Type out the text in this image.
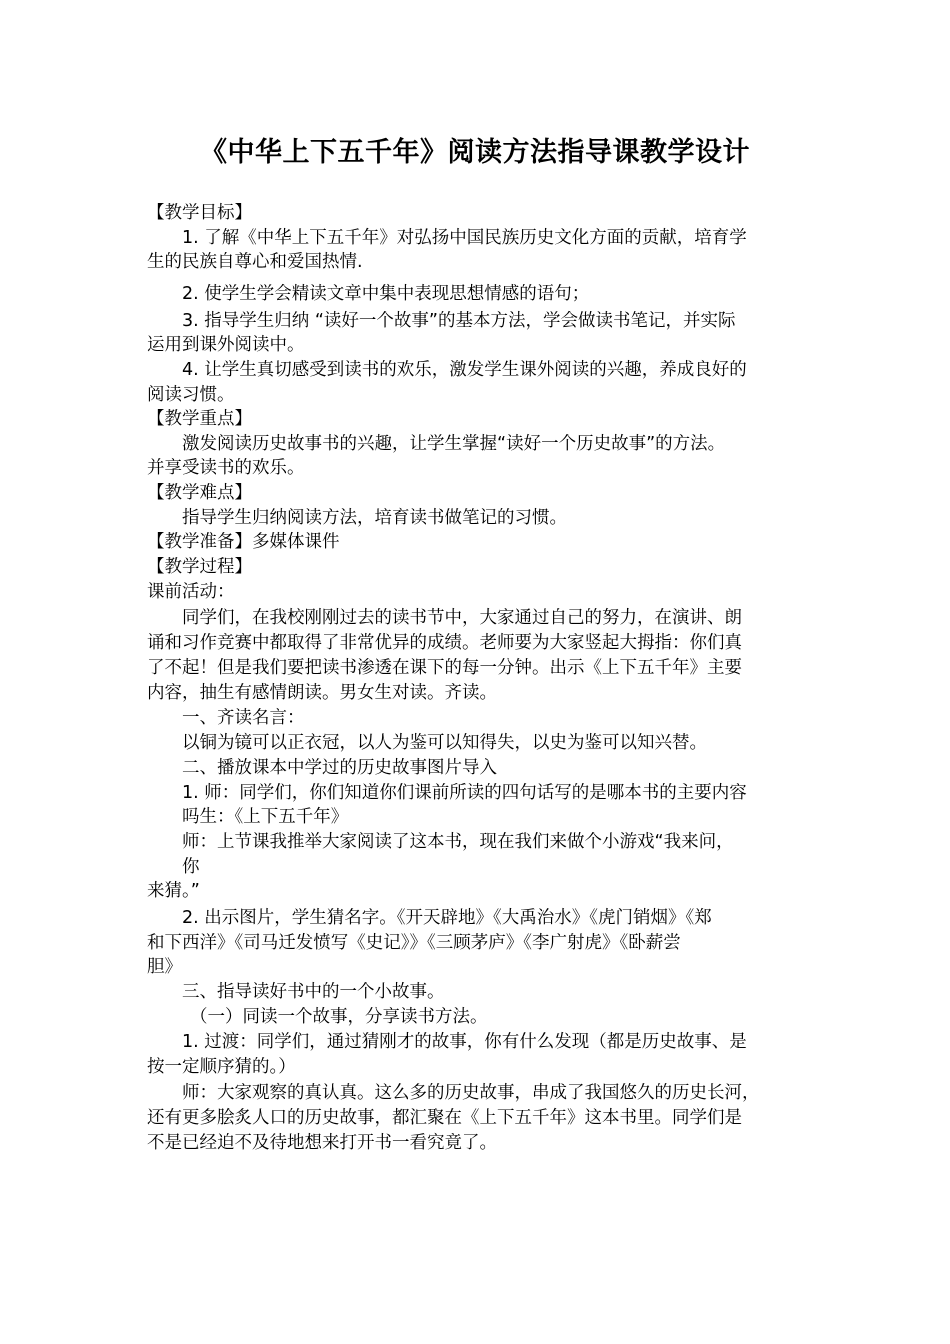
《中华上下五千年》阅读方法指导课教学设计
【教学目标】
1. 了解《中华上下五千年》对弘扬中国民族历史文化方面的贡献，培育学
生的民族自尊心和爱国热情.
2. 使学生学会精读文章中集中表现思想情感的语句；
3. 指导学生归纳 “读好一个故事”的基本方法，学会做读书笔记，并实际
运用到课外阅读中。
4. 让学生真切感受到读书的欢乐，激发学生课外阅读的兴趣，养成良好的
阅读习惯。
【教学重点】
激发阅读历史故事书的兴趣，让学生掌握“读好一个历史故事”的方法。
并享受读书的欢乐。
【教学难点】
指导学生归纳阅读方法，培育读书做笔记的习惯。
【教学准备】多媒体课件
【教学过程】
课前活动：
同学们，在我校刚刚过去的读书节中，大家通过自己的努力，在演讲、朗
诵和习作竞赛中都取得了非常优异的成绩。老师要为大家竖起大拇指：你们真
了不起！但是我们要把读书渗透在课下的每一分钟。出示《上下五千年》主要
内容，抽生有感情朗读。男女生对读。齐读。
一、齐读名言：
以铜为镜可以正衣冠，以人为鉴可以知得失，以史为鉴可以知兴替。
二、播放课本中学过的历史故事图片导入
1. 师：同学们，你们知道你们课前所读的四句话写的是哪本书的主要内容
吗生：《上下五千年》
师：上节课我推举大家阅读了这本书，现在我们来做个小游戏“我来问，
你
来猜。”
2. 出示图片，学生猜名字。《开天辟地》《大禹治水》《虎门销烟》《郑
和下西洋》《司马迁发愤写《史记》》《三顾茅庐》《李广射虎》《卧薪尝
胆》
三、指导读好书中的一个小故事。
（一）同读一个故事，分享读书方法。
1. 过渡：同学们，通过猜刚才的故事，你有什么发现（都是历史故事、是
按一定顺序猜的。）
师：大家观察的真认真。这么多的历史故事，串成了我国悠久的历史长河，
还有更多脍炙人口的历史故事，都汇聚在《上下五千年》这本书里。同学们是
不是已经迫不及待地想来打开书一看究竟了。
